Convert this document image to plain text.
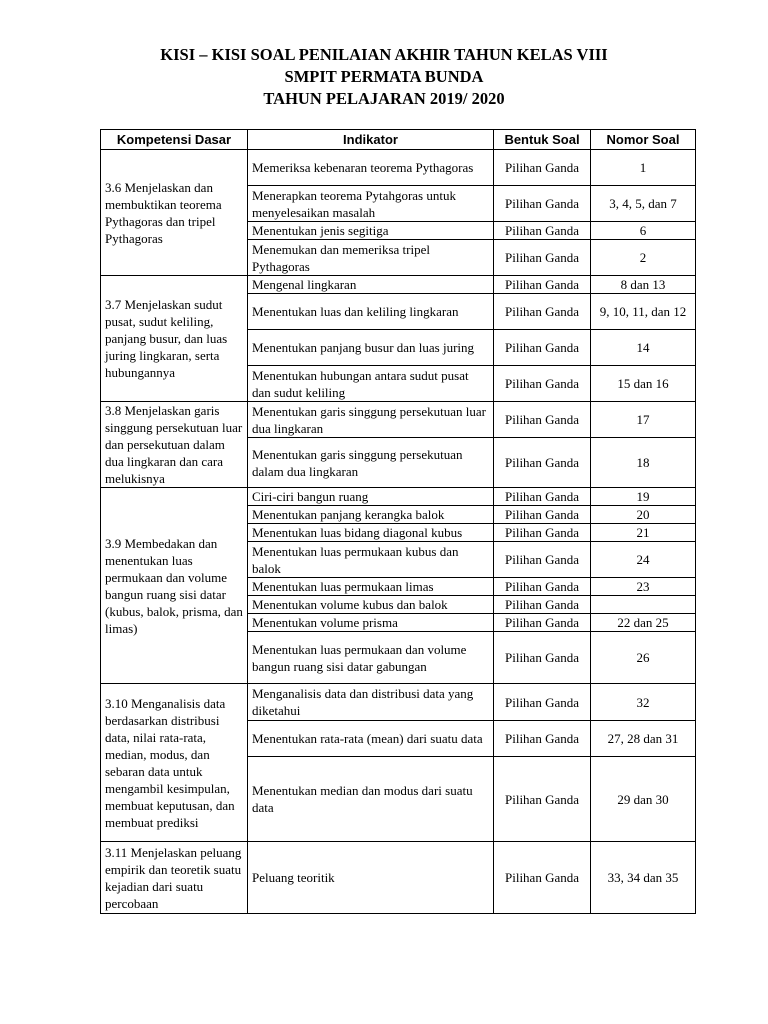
KISI – KISI SOAL PENILAIAN AKHIR TAHUN KELAS VIII
SMPIT PERMATA BUNDA
TAHUN PELAJARAN 2019/ 2020
Kompetensi Dasar	Indikator	Bentuk Soal	Nomor Soal
3.6 Menjelaskan dan membuktikan teorema Pythagoras dan tripel Pythagoras	Memeriksa kebenaran teorema Pythagoras	Pilihan Ganda	1
	Menerapkan teorema Pytahgoras untuk menyelesaikan masalah	Pilihan Ganda	3, 4, 5, dan 7
	Menentukan jenis segitiga	Pilihan Ganda	6
	Menemukan dan memeriksa tripel Pythagoras	Pilihan Ganda	2
3.7 Menjelaskan sudut pusat, sudut keliling, panjang busur, dan luas juring lingkaran, serta hubungannya	Mengenal lingkaran	Pilihan Ganda	8 dan 13
	Menentukan luas dan keliling lingkaran	Pilihan Ganda	9, 10, 11, dan 12
	Menentukan panjang busur dan luas juring	Pilihan Ganda	14
	Menentukan hubungan antara sudut pusat dan sudut keliling	Pilihan Ganda	15 dan 16
3.8 Menjelaskan garis singgung persekutuan luar dan persekutuan dalam dua lingkaran dan cara melukisnya	Menentukan garis singgung persekutuan luar dua lingkaran	Pilihan Ganda	17
	Menentukan garis singgung persekutuan dalam dua lingkaran	Pilihan Ganda	18
3.9 Membedakan dan menentukan luas permukaan dan volume bangun ruang sisi datar (kubus, balok, prisma, dan limas)	Ciri-ciri bangun ruang	Pilihan Ganda	19
	Menentukan panjang kerangka balok	Pilihan Ganda	20
	Menentukan luas bidang diagonal kubus	Pilihan Ganda	21
	Menentukan luas permukaan kubus dan balok	Pilihan Ganda	24
	Menentukan luas permukaan limas	Pilihan Ganda	23
	Menentukan volume kubus dan balok	Pilihan Ganda	
	Menentukan volume prisma	Pilihan Ganda	22 dan 25
	Menentukan luas permukaan dan volume bangun ruang sisi datar gabungan	Pilihan Ganda	26
3.10 Menganalisis data berdasarkan distribusi data, nilai rata-rata, median, modus, dan sebaran data untuk mengambil kesimpulan, membuat keputusan, dan membuat prediksi	Menganalisis data dan distribusi data yang diketahui	Pilihan Ganda	32
	Menentukan rata-rata (mean) dari suatu data	Pilihan Ganda	27, 28 dan 31
	Menentukan median dan modus dari suatu data	Pilihan Ganda	29 dan 30
3.11 Menjelaskan peluang empirik dan teoretik suatu kejadian dari suatu percobaan	Peluang teoritik	Pilihan Ganda	33, 34 dan 35
